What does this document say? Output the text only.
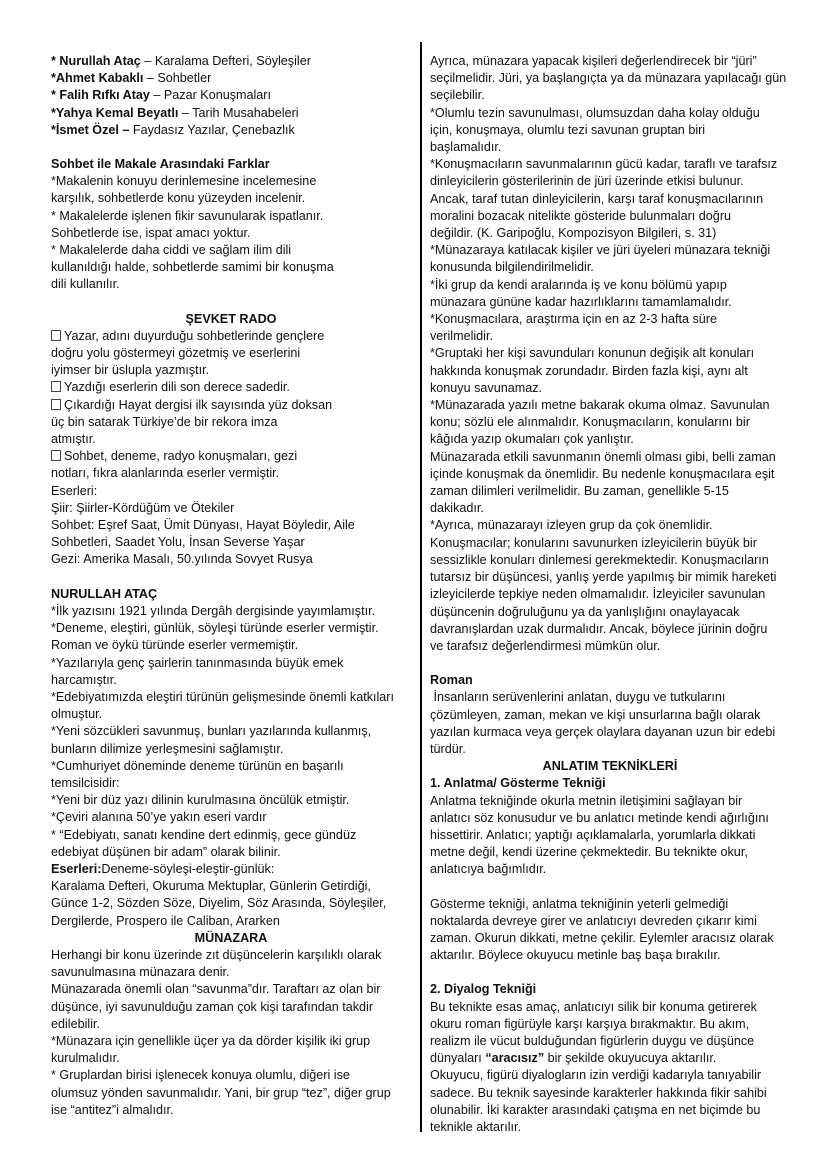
* Nurullah Ataç – Karalama Defteri, Söyleşiler
*Ahmet Kabaklı – Sohbetler
* Falih Rıfkı Atay – Pazar Konuşmaları
*Yahya Kemal Beyatlı – Tarih Musahabeleri
*İsmet Özel – Faydasız Yazılar, Çenebazlık
Sohbet ile Makale Arasındaki Farklar
*Makalenin konuyu derinlemesine incelemesine
karşılık, sohbetlerde konu yüzeyden incelenir.
* Makalelerde işlenen fikir savunularak ispatlanır.
Sohbetlerde ise, ispat amacı yoktur.
* Makalelerde daha ciddi ve sağlam ilim dili
kullanıldığı halde, sohbetlerde samimi bir konuşma
dili kullanılır.
ŞEVKET RADO
Yazar, adını duyurduğu sohbetlerinde gençlere
doğru yolu göstermeyi gözetmiş ve eserlerini
iyimser bir üslupla yazmıştır.
Yazdığı eserlerin dili son derece sadedir.
Çıkardığı Hayat dergisi ilk sayısında yüz doksan
üç bin satarak Türkiye’de bir rekora imza
atmıştır.
Sohbet, deneme, radyo konuşmaları, gezi
notları, fıkra alanlarında eserler vermiştir.
Eserleri:
Şiir: Şiirler-Kördüğüm ve Ötekiler
Sohbet: Eşref Saat, Ümit Dünyası, Hayat Böyledir, Aile
Sohbetleri, Saadet Yolu, İnsan Severse Yaşar
Gezi: Amerika Masalı, 50.yılında Sovyet Rusya
NURULLAH ATAÇ
*İlk yazısını 1921 yılında Dergâh dergisinde yayımlamıştır.
*Deneme, eleştiri, günlük, söyleşi türünde eserler vermiştir.
Roman ve öykü türünde eserler vermemiştir.
*Yazılarıyla genç şairlerin tanınmasında büyük emek
harcamıştır.
*Edebiyatımızda eleştiri türünün gelişmesinde önemli katkıları
olmuştur.
*Yeni sözcükleri savunmuş, bunları yazılarında kullanmış,
bunların dilimize yerleşmesini sağlamıştır.
*Cumhuriyet döneminde deneme türünün en başarılı
temsilcisidir:
*Yeni bir düz yazı dilinin kurulmasına öncülük etmiştir.
*Çeviri alanına 50’ye yakın eseri vardır
* “Edebiyatı, sanatı kendine dert edinmiş, gece gündüz
edebiyat düşünen bir adam” olarak bilinir.
Eserleri:Deneme-söyleşi-eleştir-günlük:
Karalama Defteri, Okuruma Mektuplar, Günlerin Getirdiği,
Günce 1-2, Sözden Söze, Diyelim, Söz Arasında, Söyleşiler,
Dergilerde, Prospero ile Caliban, Ararken
MÜNAZARA
Herhangi bir konu üzerinde zıt düşüncelerin karşılıklı olarak
savunulmasına münazara denir.
Münazarada önemli olan “savunma”dır. Taraftarı az olan bir
düşünce, iyi savunulduğu zaman çok kişi tarafından takdir
edilebilir.
*Münazara için genellikle üçer ya da dörder kişilik iki grup
kurulmalıdır.
* Gruplardan birisi işlenecek konuya olumlu, diğeri ise
olumsuz yönden savunmalıdır. Yani, bir grup “tez”, diğer grup
ise “antitez”i almalıdır.
Ayrıca, münazara yapacak kişileri değerlendirecek bir “jüri”
seçilmelidir. Jüri, ya başlangıçta ya da münazara yapılacağı gün
seçilebilir.
*Olumlu tezin savunulması, olumsuzdan daha kolay olduğu
için, konuşmaya, olumlu tezi savunan gruptan biri
başlamalıdır.
*Konuşmacıların savunmalarının gücü kadar, taraflı ve tarafsız
dinleyicilerin gösterilerinin de jüri üzerinde etkisi bulunur.
Ancak, taraf tutan dinleyicilerin, karşı taraf konuşmacılarının
moralini bozacak nitelikte gösteride bulunmaları doğru
değildir. (K. Garipoğlu, Kompozisyon Bilgileri, s. 31)
*Münazaraya katılacak kişiler ve jüri üyeleri münazara tekniği
konusunda bilgilendirilmelidir.
*İki grup da kendi aralarında iş ve konu bölümü yapıp
münazara gününe kadar hazırlıklarını tamamlamalıdır.
*Konuşmacılara, araştırma için en az 2-3 hafta süre
verilmelidir.
*Gruptaki her kişi savunduları konunun değişik alt konuları
hakkında konuşmak zorundadır. Birden fazla kişi, aynı alt
konuyu savunamaz.
*Münazarada yazılı metne bakarak okuma olmaz. Savunulan
konu; sözlü ele alınmalıdır. Konuşmacıların, konularını bir
kâğıda yazıp okumaları çok yanlıştır.
Münazarada etkili savunmanın önemli olması gibi, belli zaman
içinde konuşmak da önemlidir. Bu nedenle konuşmacılara eşit
zaman dilimleri verilmelidir. Bu zaman, genellikle 5-15
dakikadır.
*Ayrıca, münazarayı izleyen grup da çok önemlidir.
Konuşmacılar; konularını savunurken izleyicilerin büyük bir
sessizlikle konuları dinlemesi gerekmektedir. Konuşmacıların
tutarsız bir düşüncesi, yanlış yerde yapılmış bir mimik hareketi
izleyicilerde tepkiye neden olmamalıdır. İzleyiciler savunulan
düşüncenin doğruluğunu ya da yanlışlığını onaylayacak
davranışlardan uzak durmalıdır. Ancak, böylece jürinin doğru
ve tarafsız değerlendirmesi mümkün olur.
Roman
İnsanların serüvenlerini anlatan, duygu ve tutkularını
çözümleyen, zaman, mekan ve kişi unsurlarına bağlı olarak
yazılan kurmaca veya gerçek olaylara dayanan uzun bir edebi
türdür.
ANLATIM TEKNİKLERİ
1. Anlatma/ Gösterme Tekniği
Anlatma tekniğinde okurla metnin iletişimini sağlayan bir
anlatıcı söz konusudur ve bu anlatıcı metinde kendi ağırlığını
hissettirir. Anlatıcı; yaptığı açıklamalarla, yorumlarla dikkati
metne değil, kendi üzerine çekmektedir. Bu teknikte okur,
anlatıcıya bağımlıdır.
Gösterme tekniği, anlatma tekniğinin yeterli gelmediği
noktalarda devreye girer ve anlatıcıyı devreden çıkarır kimi
zaman. Okurun dikkati, metne çekilir. Eylemler aracısız olarak
aktarılır. Böylece okuyucu metinle baş başa bırakılır.
2. Diyalog Tekniği
Bu teknikte esas amaç, anlatıcıyı silik bir konuma getirerek
okuru roman figürüyle karşı karşıya bırakmaktır. Bu akım,
realizm ile vücut bulduğundan figürlerin duygu ve düşünce
dünyaları “aracısız” bir şekilde okuyucuya aktarılır.
Okuyucu, figürü diyalogların izin verdiği kadarıyla tanıyabilir
sadece. Bu teknik sayesinde karakterler hakkında fikir sahibi
olunabilir. İki karakter arasındaki çatışma en net biçimde bu
teknikle aktarılır.
